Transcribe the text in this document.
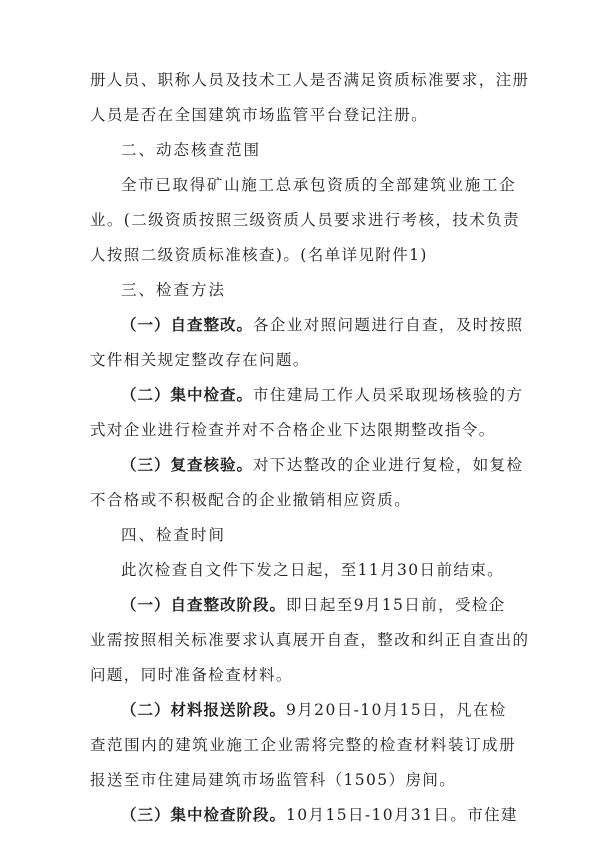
册人员、职称人员及技术工人是否满足资质标准要求，注册
人员是否在全国建筑市场监管平台登记注册。
二、动态核查范围
全市已取得矿山施工总承包资质的全部建筑业施工企
业。(二级资质按照三级资质人员要求进行考核，技术负责
人按照二级资质标准核查)。(名单详见附件1)
三、检查方法
（一）自查整改。各企业对照问题进行自查，及时按照
文件相关规定整改存在问题。
（二）集中检查。市住建局工作人员采取现场核验的方
式对企业进行检查并对不合格企业下达限期整改指令。
（三）复查核验。对下达整改的企业进行复检，如复检
不合格或不积极配合的企业撤销相应资质。
四、检查时间
此次检查自文件下发之日起，至11月30日前结束。
（一）自查整改阶段。即日起至9月15日前，受检企
业需按照相关标准要求认真展开自查，整改和纠正自查出的
问题，同时准备检查材料。
（二）材料报送阶段。9月20日-10月15日，凡在检
查范围内的建筑业施工企业需将完整的检查材料装订成册
报送至市住建局建筑市场监管科（1505）房间。
（三）集中检查阶段。10月15日-10月31日。市住建
